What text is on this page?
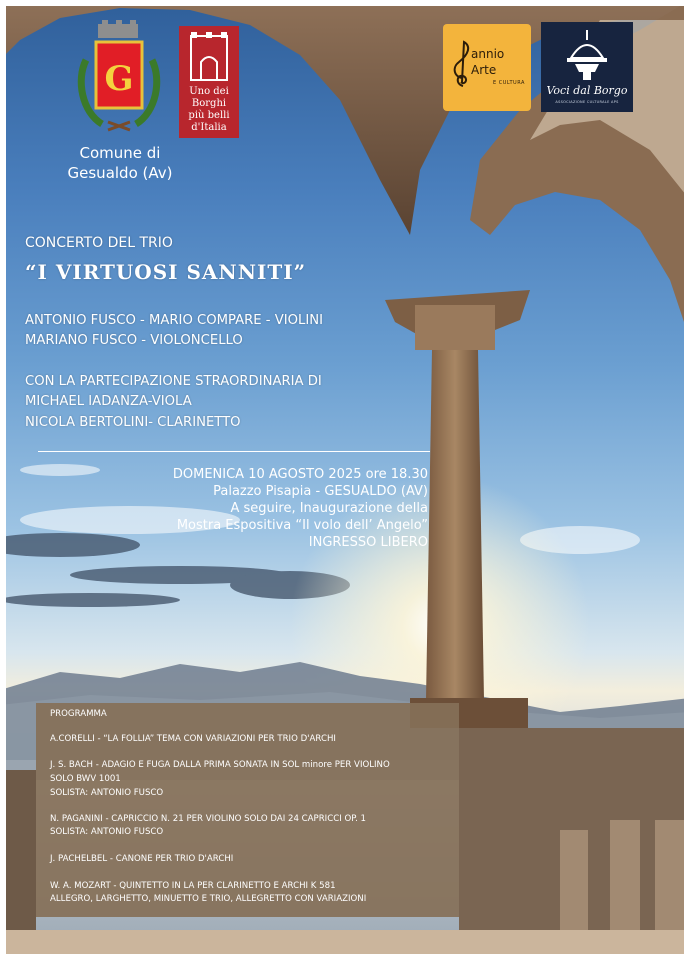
G
Comune di
Gesualdo (Av)
Uno dei
Borghi
più belli
d'Italia
annio
Arte
E CULTURA
Voci dal Borgo
ASSOCIAZIONE CULTURALE APS
CONCERTO DEL TRIO
“I VIRTUOSI SANNITI”
ANTONIO FUSCO - MARIO COMPARE - VIOLINI
MARIANO FUSCO - VIOLONCELLO
CON LA PARTECIPAZIONE STRAORDINARIA DI
MICHAEL IADANZA-VIOLA
NICOLA BERTOLINI- CLARINETTO
DOMENICA 10 AGOSTO 2025 ore 18.30
Palazzo Pisapia - GESUALDO (AV)
A seguire, Inaugurazione della
Mostra Espositiva “Il volo dell’ Angelo”
INGRESSO LIBERO
PROGRAMMA
A.CORELLI - “LA FOLLIA” TEMA CON VARIAZIONI PER TRIO D'ARCHI
J. S. BACH - ADAGIO E FUGA DALLA PRIMA SONATA IN SOL minore PER VIOLINO
SOLO BWV 1001
SOLISTA: ANTONIO FUSCO
N. PAGANINI - CAPRICCIO N. 21 PER VIOLINO SOLO DAI 24 CAPRICCI OP. 1
SOLISTA: ANTONIO FUSCO
J. PACHELBEL - CANONE PER TRIO D'ARCHI
W. A. MOZART - QUINTETTO IN LA PER CLARINETTO E ARCHI K 581
ALLEGRO, LARGHETTO, MINUETTO E TRIO, ALLEGRETTO CON VARIAZIONI
